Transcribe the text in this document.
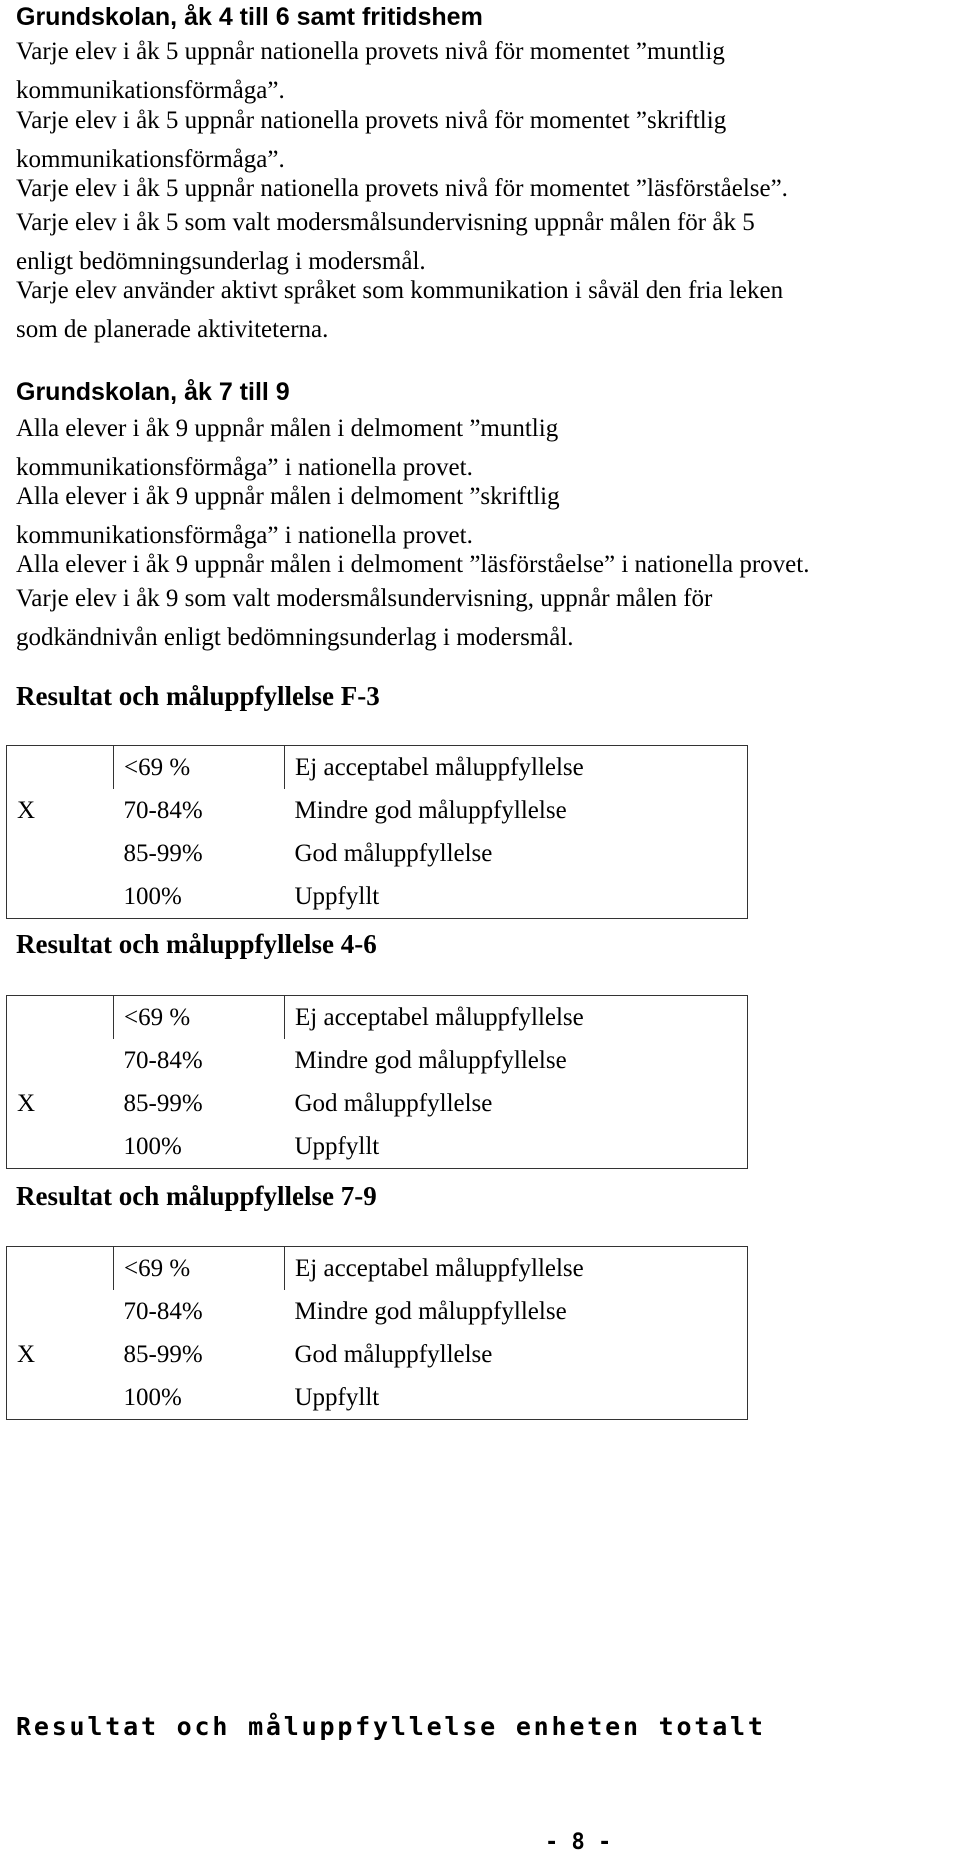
Grundskolan, åk 4 till 6 samt fritidshem

Varje elev i åk 5 uppnår nationella provets nivå för momentet ”muntlig
kommunikationsförmåga”.

Varje elev i åk 5 uppnår nationella provets nivå för momentet ”skriftlig
kommunikationsförmåga”.

Varje elev i åk 5 uppnår nationella provets nivå för momentet ”läsförståelse”.

Varje elev i åk 5 som valt modersmålsundervisning uppnår målen för åk 5
enligt bedömningsunderlag i modersmål.

Varje elev använder aktivt språket som kommunikation i såväl den fria leken
som de planerade aktiviteterna.

Grundskolan, åk 7 till 9

Alla elever i åk 9 uppnår målen i delmoment ”muntlig
kommunikationsförmåga” i nationella provet.

Alla elever i åk 9 uppnår målen i delmoment ”skriftlig
kommunikationsförmåga” i nationella provet.

Alla elever i åk 9 uppnår målen i delmoment ”läsförståelse” i nationella provet.

Varje elev i åk 9 som valt modersmålsundervisning, uppnår målen för
godkändnivån enligt bedömningsunderlag i modersmål.

Resultat och måluppfyllelse F-3
	<69 %	Ej acceptabel måluppfyllelse
X	70-84%	Mindre god måluppfyllelse
	85-99%	God måluppfyllelse
	100%	Uppfyllt
Resultat och måluppfyllelse 4-6
	<69 %	Ej acceptabel måluppfyllelse
	70-84%	Mindre god måluppfyllelse
X	85-99%	God måluppfyllelse
	100%	Uppfyllt
Resultat och måluppfyllelse 7-9
	<69 %	Ej acceptabel måluppfyllelse
	70-84%	Mindre god måluppfyllelse
X	85-99%	God måluppfyllelse
	100%	Uppfyllt
Resultat och måluppfyllelse enheten totalt
- 8 -
